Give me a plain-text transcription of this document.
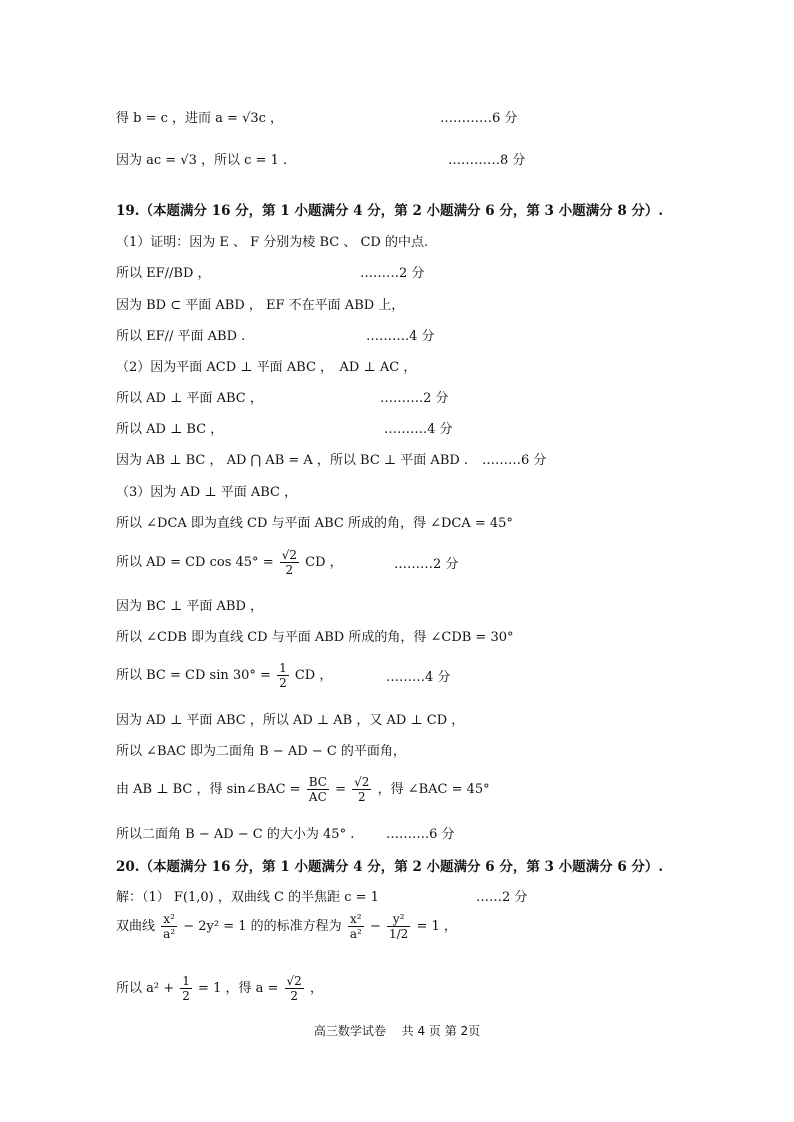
得 b = c ，进而 a = √3c ，	…………6 分
因为 ac = √3 ，所以 c = 1 .	…………8 分
19.（本题满分 16 分，第 1 小题满分 4 分，第 2 小题满分 6 分，第 3 小题满分 8 分）.
（1）证明：因为 E 、 F 分别为棱 BC 、 CD 的中点.
所以 EF//BD ，	………2 分
因为 BD ⊂ 平面 ABD ， EF 不在平面 ABD 上，
所以 EF// 平面 ABD .	……….4 分
（2）因为平面 ACD ⊥ 平面 ABC ，　AD ⊥ AC ，
所以 AD ⊥ 平面 ABC ，	……….2 分
所以 AD ⊥ BC ，	……….4 分
因为 AB ⊥ BC ， AD ⋂ AB = A ，所以 BC ⊥ 平面 ABD . ………6 分
（3）因为 AD ⊥ 平面 ABC ，
所以 ∠DCA 即为直线 CD 与平面 ABC 所成的角，得 ∠DCA = 45°
所以 AD = CD $\cos 45^\circ = \frac{√2}{2}$ CD ，	………2 分
因为 BC ⊥ 平面 ABD ，
所以 ∠CDB 即为直线 CD 与平面 ABD 所成的角，得 ∠CDB = 30°
所以 BC = CD $\sin 30^\circ = \frac{1}{2}$ CD ，	………4 分
因为 AD ⊥ 平面 ABC ，所以 AD ⊥ AB ，又 AD ⊥ CD ，
所以 ∠BAC 即为二面角 B − AD − C 的平面角，
由 AB ⊥ BC ，得 sin∠BAC = $\frac{BC}{AC} = \frac{√2}{2}$ ，得 ∠BAC = 45°
所以二面角 B − AD − C 的大小为 45° . ……….6 分
20.（本题满分 16 分，第 1 小题满分 4 分，第 2 小题满分 6 分，第 3 小题满分 6 分）.
解：（1） F(1,0) ，双曲线 C 的半焦距 c = 1	……2 分
双曲线 $\frac{\text{x²}}{\text{a²}} - 2y^2 = 1$ 的的标准方程为 $\frac{\text{x²}}{\text{a²}} - \frac{\text{y²}}{1/2} = 1$ ，
所以 $a^2 + \frac{1}{2} = 1$ ，得 $a = \frac{√2}{2}$ ，
高三数学试卷　 共 4 页 第 2页
